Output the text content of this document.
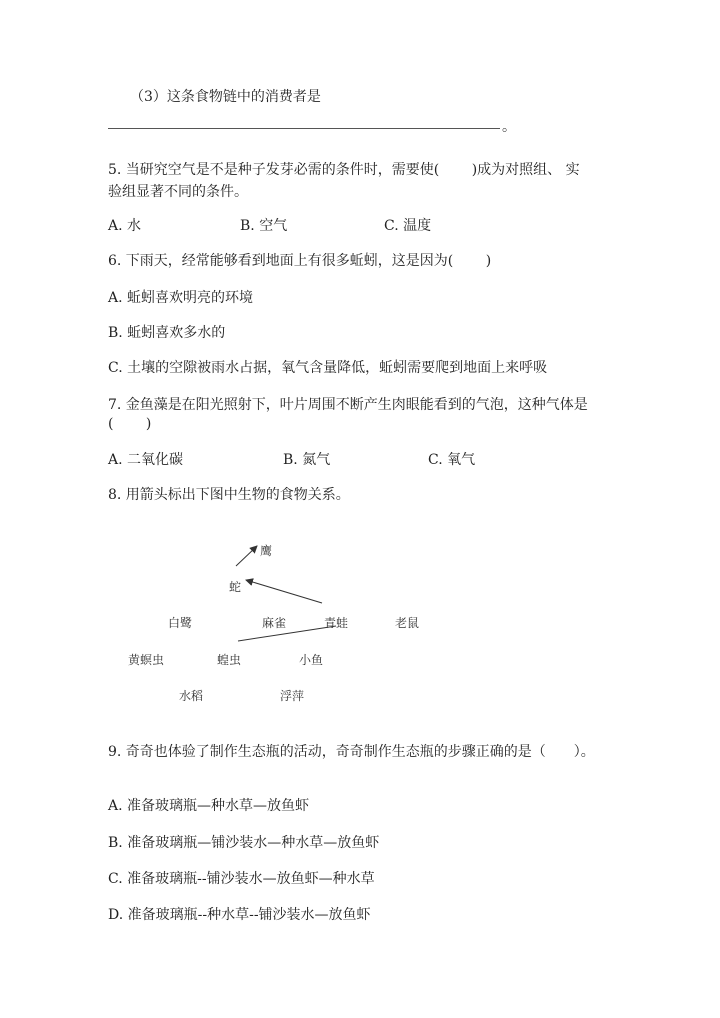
（3）这条食物链中的消费者是
。
5. 当研究空气是不是种子发芽必需的条件时，需要使(　　 )成为对照组、 实
验组显著不同的条件。
A. 水	B. 空气	C. 温度
6. 下雨天，经常能够看到地面上有很多蚯蚓，这是因为(　　 )
A. 蚯蚓喜欢明亮的环境
B. 蚯蚓喜欢多水的
C. 土壤的空隙被雨水占据，氧气含量降低，蚯蚓需要爬到地面上来呼吸
7. 金鱼藻是在阳光照射下，叶片周围不断产生肉眼能看到的气泡，这种气体是
(　　 )
A. 二氧化碳	B. 氮气	C. 氧气
8. 用箭头标出下图中生物的食物关系。
鹰
蛇
白鹭	麻雀	青蛙	老鼠
黄螟虫	蝗虫	小鱼
水稻	浮萍
9. 奇奇也体验了制作生态瓶的活动，奇奇制作生态瓶的步骤正确的是（　　）。
A. 准备玻璃瓶—种水草—放鱼虾
B. 准备玻璃瓶—铺沙装水—种水草—放鱼虾
C. 准备玻璃瓶--铺沙装水—放鱼虾—种水草
D. 准备玻璃瓶--种水草--铺沙装水—放鱼虾
